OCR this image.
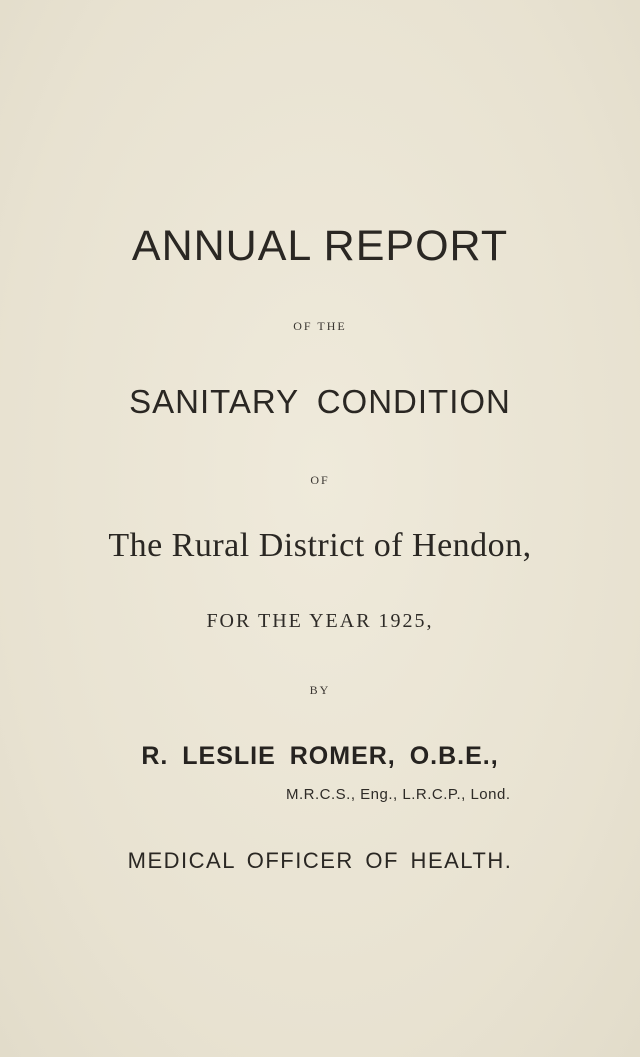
ANNUAL REPORT
OF THE
SANITARY CONDITION
OF
The Rural District of Hendon,
FOR THE YEAR 1925,
BY
R. LESLIE ROMER, O.B.E.,
M.R.C.S., Eng., L.R.C.P., Lond.
MEDICAL OFFICER OF HEALTH.
